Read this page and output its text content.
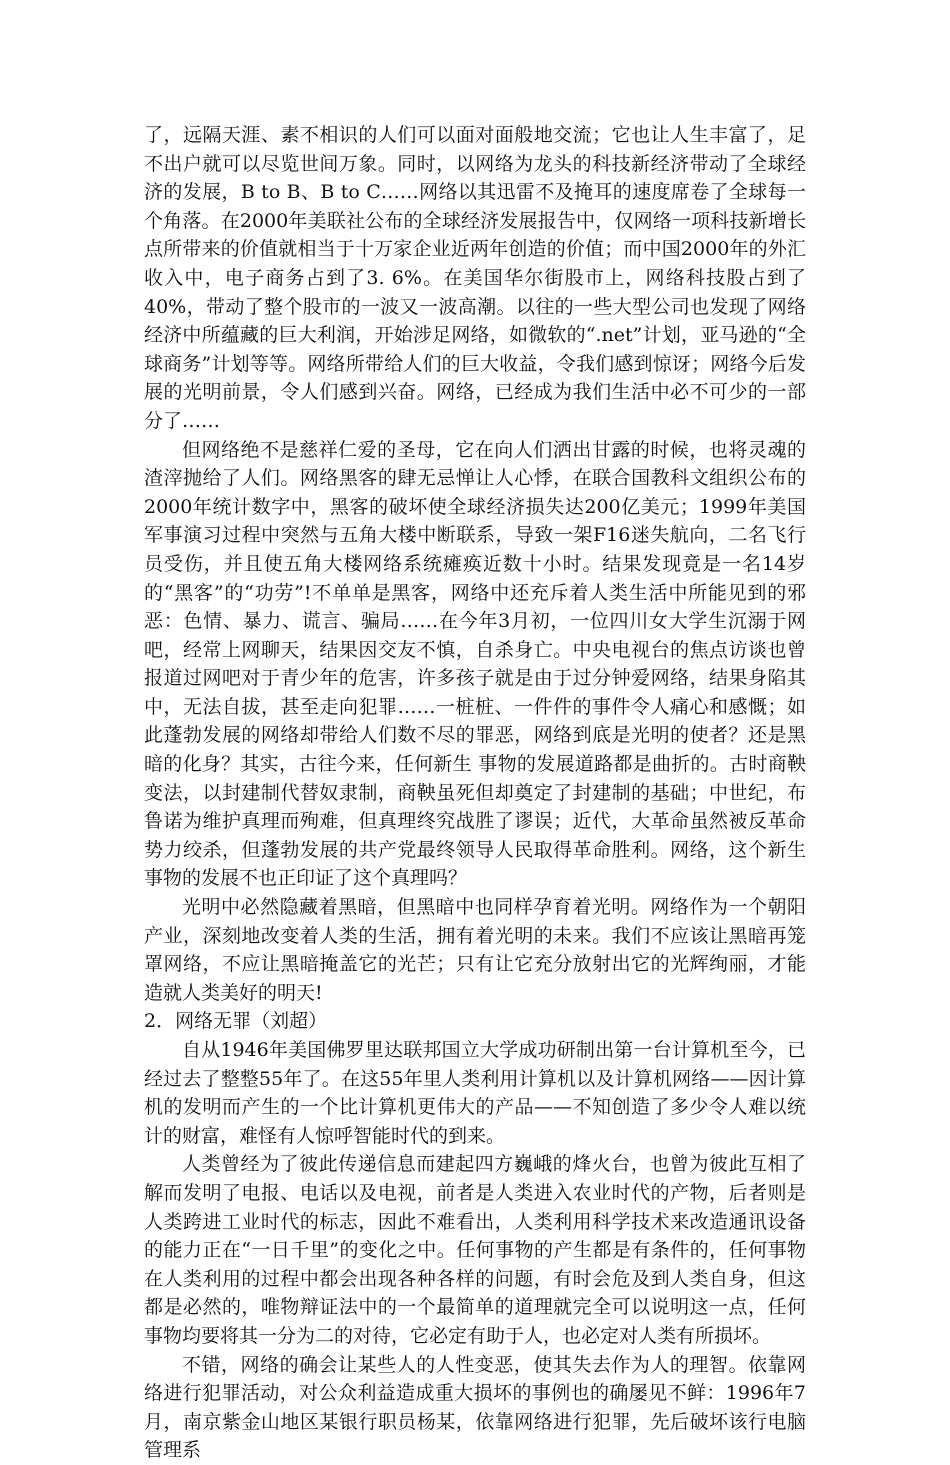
了，远隔天涯、素不相识的人们可以面对面般地交流；它也让人生丰富了，足不出户就可以尽览世间万象。同时，以网络为龙头的科技新经济带动了全球经济的发展，B to B、B to C……网络以其迅雷不及掩耳的速度席卷了全球每一个角落。在2000年美联社公布的全球经济发展报告中，仅网络一项科技新增长点所带来的价值就相当于十万家企业近两年创造的价值；而中国2000年的外汇收入中，电子商务占到了3. 6%。在美国华尔街股市上，网络科技股占到了40%，带动了整个股市的一波又一波高潮。以往的一些大型公司也发现了网络经济中所蕴藏的巨大利润，开始涉足网络，如微软的“.net”计划，亚马逊的“全球商务”计划等等。网络所带给人们的巨大收益，令我们感到惊讶；网络今后发展的光明前景，令人们感到兴奋。网络，已经成为我们生活中必不可少的一部分了……

但网络绝不是慈祥仁爱的圣母，它在向人们洒出甘露的时候，也将灵魂的渣滓抛给了人们。网络黑客的肆无忌惮让人心悸，在联合国教科文组织公布的2000年统计数字中，黑客的破坏使全球经济损失达200亿美元；1999年美国军事演习过程中突然与五角大楼中断联系，导致一架F16迷失航向，二名飞行员受伤，并且使五角大楼网络系统瘫痪近数十小时。结果发现竟是一名14岁的“黑客”的“功劳”!不单单是黑客，网络中还充斥着人类生活中所能见到的邪恶：色情、暴力、谎言、骗局……在今年3月初，一位四川女大学生沉溺于网吧，经常上网聊天，结果因交友不慎，自杀身亡。中央电视台的焦点访谈也曾报道过网吧对于青少年的危害，许多孩子就是由于过分钟爱网络，结果身陷其中，无法自拔，甚至走向犯罪……一桩桩、一件件的事件令人痛心和感慨；如此蓬勃发展的网络却带给人们数不尽的罪恶，网络到底是光明的使者？还是黑暗的化身？其实，古往今来，任何新生 事物的发展道路都是曲折的。古时商鞅变法，以封建制代替奴隶制，商鞅虽死但却奠定了封建制的基础；中世纪，布鲁诺为维护真理而殉难，但真理终究战胜了谬误；近代，大革命虽然被反革命势力绞杀，但蓬勃发展的共产党最终领导人民取得革命胜利。网络，这个新生事物的发展不也正印证了这个真理吗？

光明中必然隐藏着黑暗，但黑暗中也同样孕育着光明。网络作为一个朝阳产业，深刻地改变着人类的生活，拥有着光明的未来。我们不应该让黑暗再笼罩网络，不应让黑暗掩盖它的光芒；只有让它充分放射出它的光辉绚丽，才能造就人类美好的明天!

2．网络无罪（刘超）

自从1946年美国佛罗里达联邦国立大学成功研制出第一台计算机至今，已经过去了整整55年了。在这55年里人类利用计算机以及计算机网络——因计算机的发明而产生的一个比计算机更伟大的产品——不知创造了多少令人难以统计的财富，难怪有人惊呼智能时代的到来。

人类曾经为了彼此传递信息而建起四方巍峨的烽火台，也曾为彼此互相了解而发明了电报、电话以及电视，前者是人类进入农业时代的产物，后者则是人类跨进工业时代的标志，因此不难看出，人类利用科学技术来改造通讯设备的能力正在“一日千里”的变化之中。任何事物的产生都是有条件的，任何事物在人类利用的过程中都会出现各种各样的问题，有时会危及到人类自身，但这都是必然的，唯物辩证法中的一个最简单的道理就完全可以说明这一点，任何事物均要将其一分为二的对待，它必定有助于人，也必定对人类有所损坏。

不错，网络的确会让某些人的人性变恶，使其失去作为人的理智。依靠网络进行犯罪活动，对公众利益造成重大损坏的事例也的确屡见不鲜：1996年7月，南京紫金山地区某银行职员杨某，依靠网络进行犯罪，先后破坏该行电脑管理系
